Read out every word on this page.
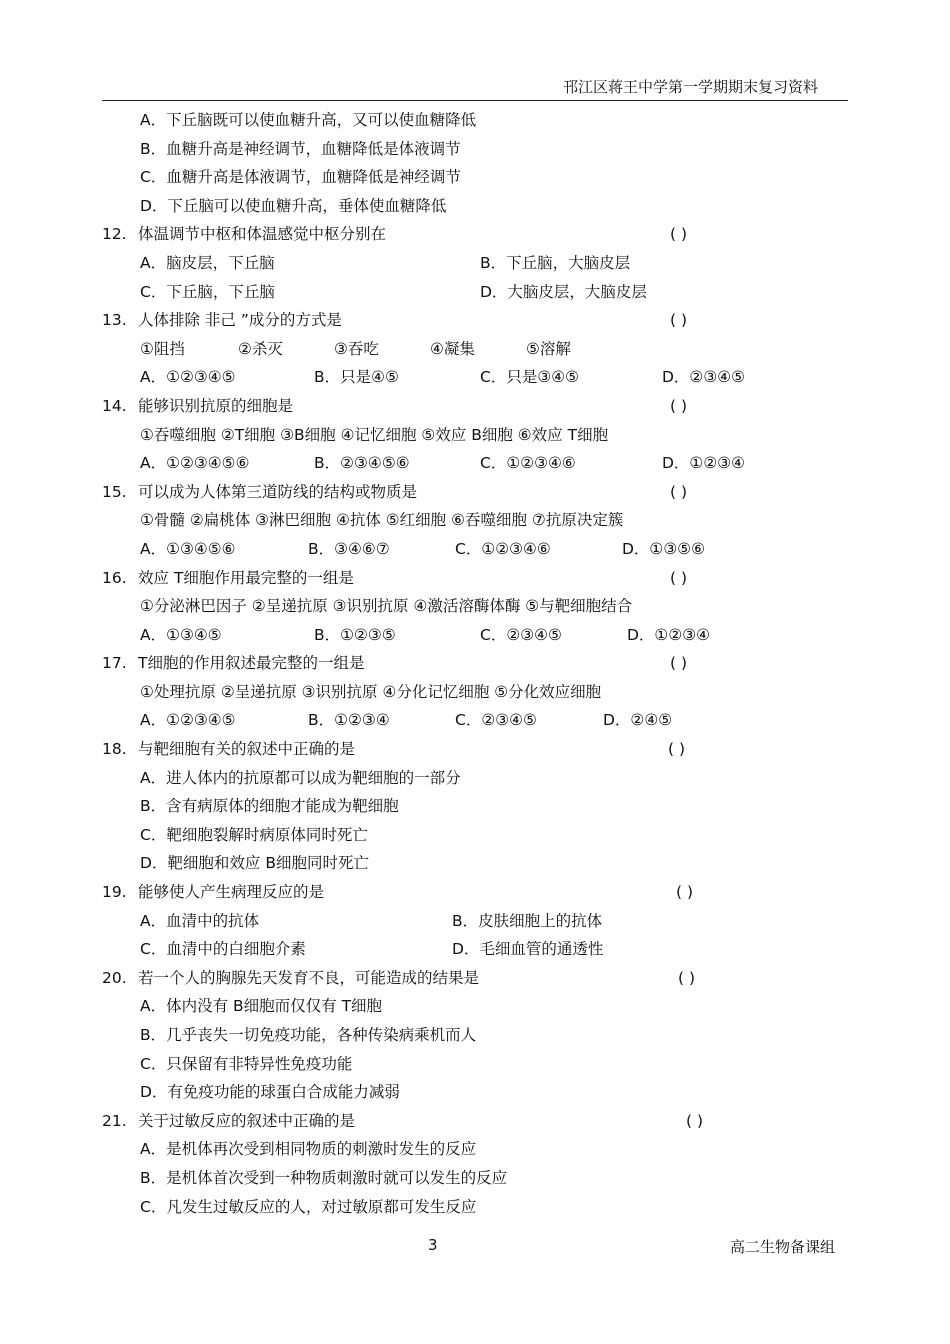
邗江区蒋王中学第一学期期末复习资料
A．下丘脑既可以使血糖升高，又可以使血糖降低
B．血糖升高是神经调节，血糖降低是体液调节
C．血糖升高是体液调节，血糖降低是神经调节
D．下丘脑可以使血糖升高，垂体使血糖降低
12. 体温调节中枢和体温感觉中枢分别在	( )
A．脑皮层，下丘脑	B．下丘脑，大脑皮层
C．下丘脑，下丘脑	D．大脑皮层，大脑皮层
13. 人体排除 非己 ”成分的方式是	( )
①阻挡	②杀灭	③吞吃	④凝集	⑤溶解
A．①②③④⑤	B．只是④⑤	C．只是③④⑤	D．②③④⑤
14. 能够识别抗原的细胞是	( )
①吞噬细胞 ②T细胞 ③B细胞 ④记忆细胞 ⑤效应 B细胞 ⑥效应 T细胞
A．①②③④⑤⑥	B．②③④⑤⑥	C．①②③④⑥	D．①②③④
15. 可以成为人体第三道防线的结构或物质是	( )
①骨髓 ②扁桃体 ③淋巴细胞 ④抗体 ⑤红细胞 ⑥吞噬细胞 ⑦抗原决定簇
A．①③④⑤⑥	B．③④⑥⑦	C．①②③④⑥	D．①③⑤⑥
16. 效应 T细胞作用最完整的一组是	( )
①分泌淋巴因子 ②呈递抗原 ③识别抗原 ④激活溶酶体酶 ⑤与靶细胞结合
A．①③④⑤	B．①②③⑤	C．②③④⑤	D．①②③④
17. T细胞的作用叙述最完整的一组是	( )
①处理抗原 ②呈递抗原 ③识别抗原 ④分化记忆细胞 ⑤分化效应细胞
A．①②③④⑤	B．①②③④	C．②③④⑤	D．②④⑤
18. 与靶细胞有关的叙述中正确的是	( )
A．进人体内的抗原都可以成为靶细胞的一部分
B．含有病原体的细胞才能成为靶细胞
C．靶细胞裂解时病原体同时死亡
D．靶细胞和效应 B细胞同时死亡
19. 能够使人产生病理反应的是	( )
A．血清中的抗体	B．皮肤细胞上的抗体
C．血清中的白细胞介素	D．毛细血管的通透性
20. 若一个人的胸腺先天发育不良，可能造成的结果是	( )
A．体内没有 B细胞而仅仅有 T细胞
B．几乎丧失一切免疫功能，各种传染病乘机而人
C．只保留有非特异性免疫功能
D．有免疫功能的球蛋白合成能力减弱
21. 关于过敏反应的叙述中正确的是	( )
A．是机体再次受到相同物质的刺激时发生的反应
B．是机体首次受到一种物质刺激时就可以发生的反应
C．凡发生过敏反应的人，对过敏原都可发生反应
3	高二生物备课组
